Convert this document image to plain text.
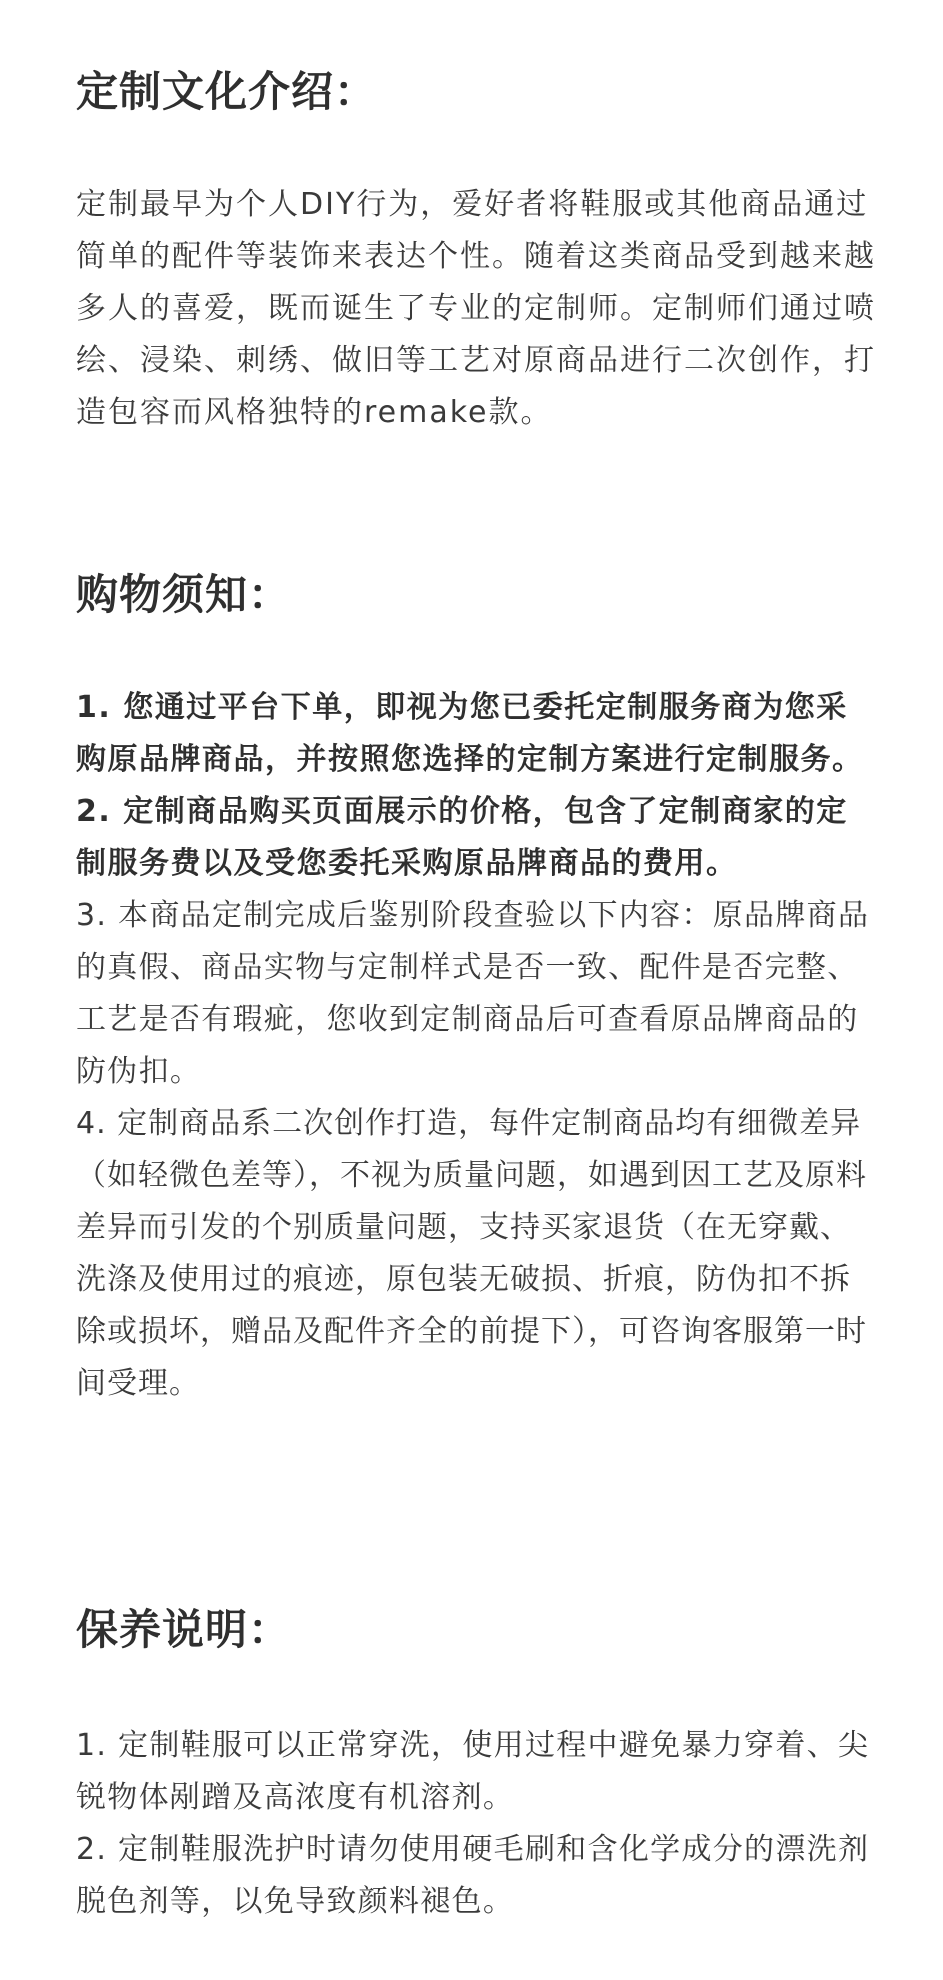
定制文化介绍：

定制最早为个人DIY行为，爱好者将鞋服或其他商品通过简单的配件等装饰来表达个性。随着这类商品受到越来越多人的喜爱，既而诞生了专业的定制师。定制师们通过喷绘、浸染、刺绣、做旧等工艺对原商品进行二次创作，打造包容而风格独特的remake款。

购物须知：
1. 您通过平台下单，即视为您已委托定制服务商为您采购原品牌商品，并按照您选择的定制方案进行定制服务。
2. 定制商品购买页面展示的价格，包含了定制商家的定制服务费以及受您委托采购原品牌商品的费用。
3. 本商品定制完成后鉴别阶段查验以下内容：原品牌商品的真假、商品实物与定制样式是否一致、配件是否完整、工艺是否有瑕疵，您收到定制商品后可查看原品牌商品的防伪扣。
4. 定制商品系二次创作打造，每件定制商品均有细微差异（如轻微色差等），不视为质量问题，如遇到因工艺及原料差异而引发的个别质量问题，支持买家退货（在无穿戴、洗涤及使用过的痕迹，原包装无破损、折痕，防伪扣不拆除或损坏，赠品及配件齐全的前提下），可咨询客服第一时间受理。
保养说明：
1. 定制鞋服可以正常穿洗，使用过程中避免暴力穿着、尖锐物体剐蹭及高浓度有机溶剂。
2. 定制鞋服洗护时请勿使用硬毛刷和含化学成分的漂洗剂脱色剂等，以免导致颜料褪色。
